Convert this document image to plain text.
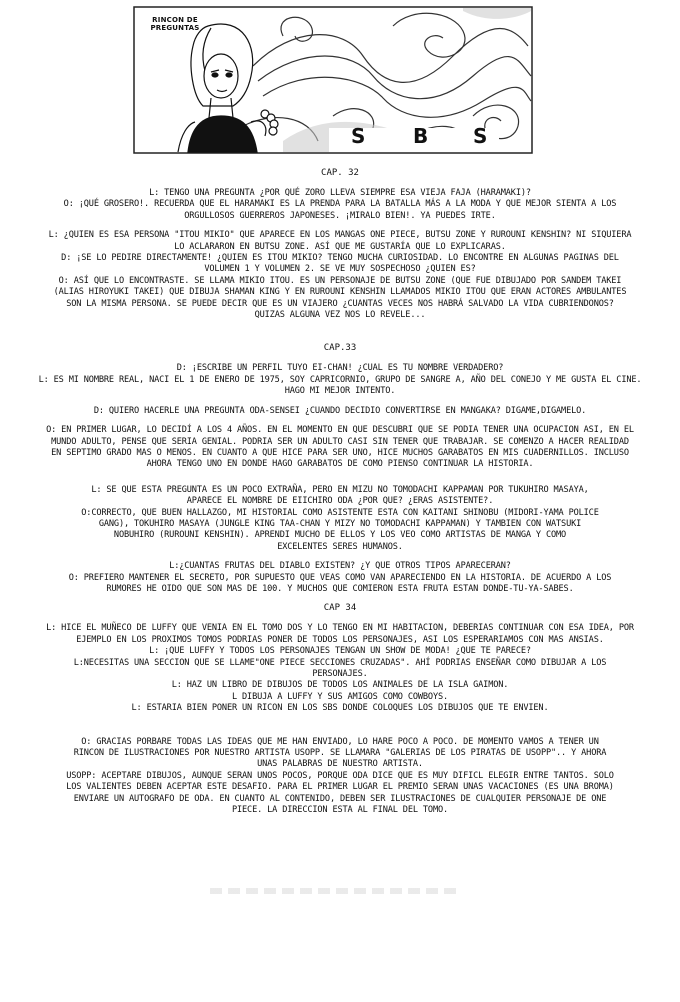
RINCON DE
PREGUNTAS
S B S
CAP. 32
L: TENGO UNA PREGUNTA ¿POR QUÉ ZORO LLEVA SIEMPRE ESA VIEJA FAJA (HARAMAKI)?
O: ¡QUÉ GROSERO!. RECUERDA QUE EL HARAMAKI ES LA PRENDA PARA LA BATALLA MÁS A LA MODA Y QUE MEJOR SIENTA A LOS
ORGULLOSOS GUERREROS JAPONESES. ¡MIRALO BIEN!. YA PUEDES IRTE.
L: ¿QUIEN ES ESA PERSONA "ITOU MIKIO" QUE APARECE EN LOS MANGAS ONE PIECE, BUTSU ZONE Y RUROUNI KENSHIN? NI SIQUIERA
LO ACLARARON EN BUTSU ZONE. ASÍ QUE ME GUSTARÍA QUE LO EXPLICARAS.
D: ¡SE LO PEDIRE DIRECTAMENTE! ¿QUIEN ES ITOU MIKIO? TENGO MUCHA CURIOSIDAD. LO ENCONTRE EN ALGUNAS PAGINAS DEL
VOLUMEN 1 Y VOLUMEN 2. SE VE MUY SOSPECHOSO ¿QUIEN ES?
O: ASÍ QUE LO ENCONTRASTE. SE LLAMA MIKIO ITOU. ES UN PERSONAJE DE BUTSU ZONE (QUE FUE DIBUJADO POR SANDEM TAKEI
(ALIAS HIROYUKI TAKEI) QUE DIBUJA SHAMAN KING Y EN RUROUNI KENSHIN LLAMADOS MIKIO ITOU QUE ERAN ACTORES AMBULANTES
SON LA MISMA PERSONA. SE PUEDE DECIR QUE ES UN VIAJERO ¿CUANTAS VECES NOS HABRÁ SALVADO LA VIDA CUBRIENDONOS?
QUIZAS ALGUNA VEZ NOS LO REVELE...
CAP.33
D: ¡ESCRIBE UN PERFIL TUYO EI-CHAN! ¿CUAL ES TU NOMBRE VERDADERO?
L: ES MI NOMBRE REAL, NACI EL 1 DE ENERO DE 1975, SOY CAPRICORNIO, GRUPO DE SANGRE A, AÑO DEL CONEJO Y ME GUSTA EL CINE.
HAGO MI MEJOR INTENTO.
D: QUIERO HACERLE UNA PREGUNTA ODA-SENSEI ¿CUANDO DECIDIO CONVERTIRSE EN MANGAKA? DIGAME,DIGAMELO.
O: EN PRIMER LUGAR, LO DECIDÍ A LOS 4 AÑOS. EN EL MOMENTO EN QUE DESCUBRI QUE SE PODIA TENER UNA OCUPACION ASI, EN EL
MUNDO ADULTO, PENSE QUE SERIA GENIAL. PODRIA SER UN ADULTO CASI SIN TENER QUE TRABAJAR. SE COMENZO A HACER REALIDAD
EN SEPTIMO GRADO MAS O MENOS. EN CUANTO A QUE HICE PARA SER UNO, HICE MUCHOS GARABATOS EN MIS CUADERNILLOS. INCLUSO
AHORA TENGO UNO EN DONDE HAGO GARABATOS DE COMO PIENSO CONTINUAR LA HISTORIA.
L: SE QUE ESTA PREGUNTA ES UN POCO EXTRAÑA, PERO EN MIZU NO TOMODACHI KAPPAMAN POR TUKUHIRO MASAYA,
APARECE EL NOMBRE DE EIICHIRO ODA ¿POR QUE? ¿ERAS ASISTENTE?.
O:CORRECTO, QUE BUEN HALLAZGO, MI HISTORIAL COMO ASISTENTE ESTA CON KAITANI SHINOBU (MIDORI-YAMA POLICE
GANG), TOKUHIRO MASAYA (JUNGLE KING TAA-CHAN Y MIZY NO TOMODACHI KAPPAMAN) Y TAMBIEN CON WATSUKI
NOBUHIRO (RUROUNI KENSHIN). APRENDI MUCHO DE ELLOS Y LOS VEO COMO ARTISTAS DE MANGA Y COMO
EXCELENTES SERES HUMANOS.
L:¿CUANTAS FRUTAS DEL DIABLO EXISTEN? ¿Y QUE OTROS TIPOS APARECERAN?
O: PREFIERO MANTENER EL SECRETO, POR SUPUESTO QUE VEAS COMO VAN APARECIENDO EN LA HISTORIA. DE ACUERDO A LOS
RUMORES HE OIDO QUE SON MAS DE 100. Y MUCHOS QUE COMIERON ESTA FRUTA ESTAN DONDE-TU-YA-SABES.
CAP 34
L: HICE EL MUÑECO DE LUFFY QUE VENIA EN EL TOMO DOS Y LO TENGO EN MI HABITACION, DEBERIAS CONTINUAR CON ESA IDEA, POR
EJEMPLO EN LOS PROXIMOS TOMOS PODRIAS PONER DE TODOS LOS PERSONAJES, ASI LOS ESPERARIAMOS CON MAS ANSIAS.
L: ¡QUE LUFFY Y TODOS LOS PERSONAJES TENGAN UN SHOW DE MODA! ¿QUE TE PARECE?
L:NECESITAS UNA SECCION QUE SE LLAME"ONE PIECE SECCIONES CRUZADAS". AHÍ PODRIAS ENSEÑAR COMO DIBUJAR A LOS
PERSONAJES.
L: HAZ UN LIBRO DE DIBUJOS DE TODOS LOS ANIMALES DE LA ISLA GAIMON.
L DIBUJA A LUFFY Y SUS AMIGOS COMO COWBOYS.
L: ESTARIA BIEN PONER UN RICON EN LOS SBS DONDE COLOQUES LOS DIBUJOS QUE TE ENVIEN.
O: GRACIAS PORBARE TODAS LAS IDEAS QUE ME HAN ENVIADO, LO HARE POCO A POCO. DE MOMENTO VAMOS A TENER UN
RINCON DE ILUSTRACIONES POR NUESTRO ARTISTA USOPP. SE LLAMARA "GALERIAS DE LOS PIRATAS DE USOPP".. Y AHORA
UNAS PALABRAS DE NUESTRO ARTISTA.
USOPP: ACEPTARE DIBUJOS, AUNQUE SERAN UNOS POCOS, PORQUE ODA DICE QUE ES MUY DIFICL ELEGIR ENTRE TANTOS. SOLO
LOS VALIENTES DEBEN ACEPTAR ESTE DESAFIO. PARA EL PRIMER LUGAR EL PREMIO SERAN UNAS VACACIONES (ES UNA BROMA)
ENVIARE UN AUTOGRAFO DE ODA. EN CUANTO AL CONTENIDO, DEBEN SER ILUSTRACIONES DE CUALQUIER PERSONAJE DE ONE
PIECE. LA DIRECCION ESTA AL FINAL DEL TOMO.
